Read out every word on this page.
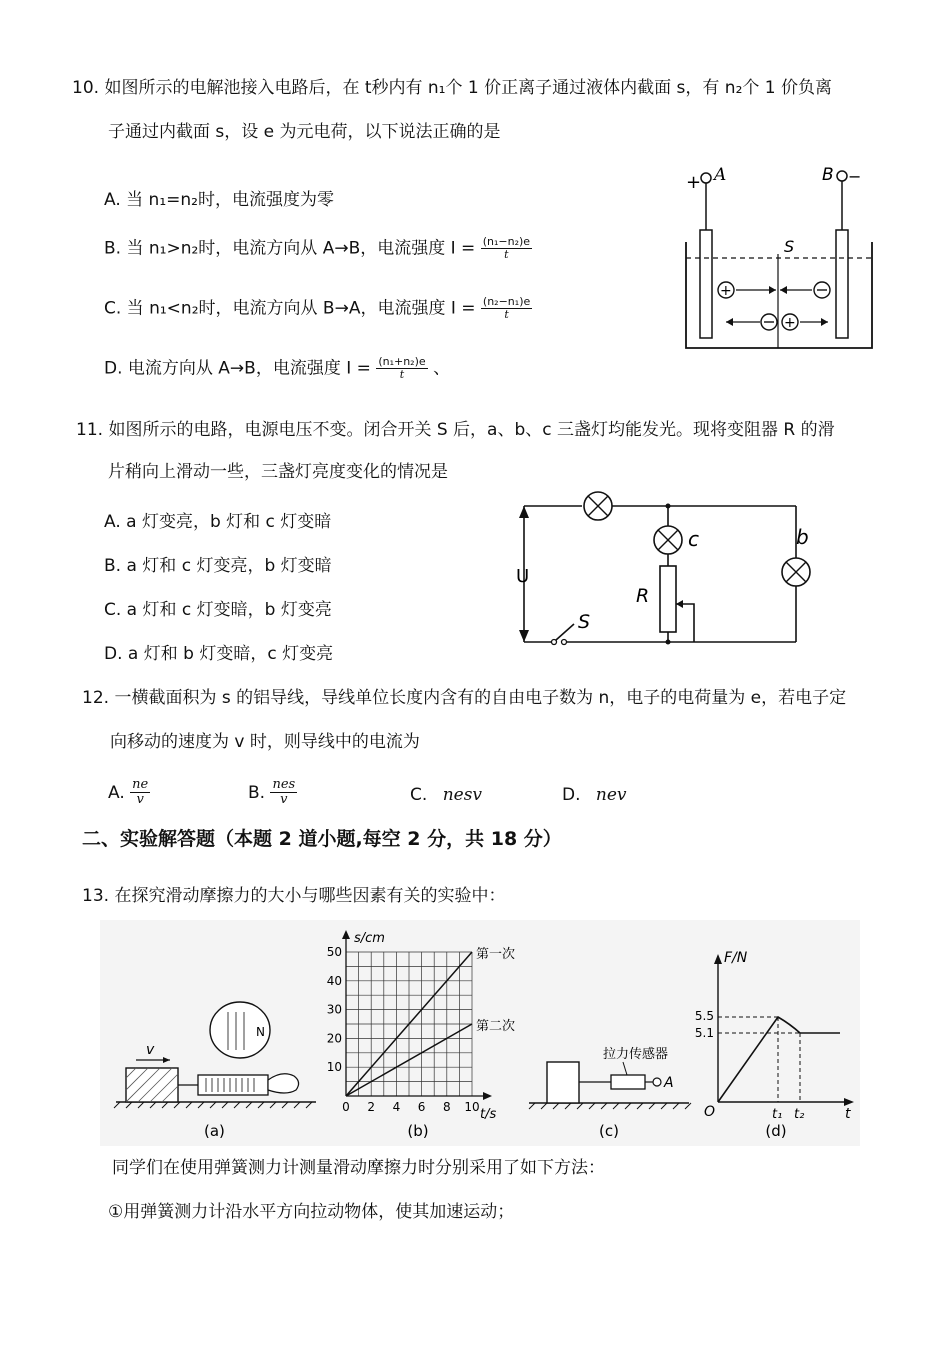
10. 如图所示的电解池接入电路后，在 t秒内有 n₁个 1 价正离子通过液体内截面 s，有 n₂个 1 价负离
子通过内截面 s，设 e 为元电荷，以下说法正确的是
A. 当 n₁=n₂时，电流强度为零
B. 当 n₁>n₂时，电流方向从 A→B，电流强度 $I = \frac{\text{(n₁−n₂)e}}{t}$
C. 当 n₁<n₂时，电流方向从 B→A，电流强度 $I = \frac{\text{(n₂−n₁)e}}{t}$
D. 电流方向从 A→B，电流强度 $I = \frac{\text{(n₁+n₂)e}}{t}$ 、
+ A	B −
S
+
+
11. 如图所示的电路，电源电压不变。闭合开关 S 后，a、b、c 三盏灯均能发光。现将变阻器 R 的滑
片稍向上滑动一些，三盏灯亮度变化的情况是
A. a 灯变亮，b 灯和 c 灯变暗
B. a 灯和 c 灯变亮，b 灯变暗
C. a 灯和 c 灯变暗，b 灯变亮
D. a 灯和 b 灯变暗，c 灯变亮
c
R
b
S
U
12. 一横截面积为 s 的铝导线，导线单位长度内含有的自由电子数为 n，电子的电荷量为 e，若电子定
向移动的速度为 v 时，则导线中的电流为
A. $\frac{ne}{v}$	B. $\frac{\text{nes}}{v}$	C. nesv	D. nev
二、实验解答题（本题 2 道小题,每空 2 分，共 18 分）
13. 在探究滑动摩擦力的大小与哪些因素有关的实验中：
v
N
(a)	(b)
s/cm
t/s
0 2 4 6 8 10
10
20
30
40
50	第一次
第二次
A
拉力传感器
(c)
F/N
t
O
5.5
5.1
t₁ t₂
(d)
同学们在使用弹簧测力计测量滑动摩擦力时分别采用了如下方法：
①用弹簧测力计沿水平方向拉动物体，使其加速运动；
